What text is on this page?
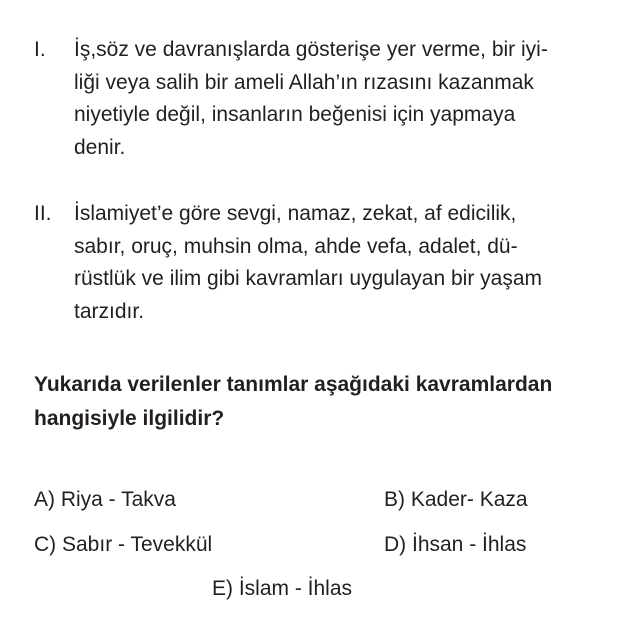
I.	İş,söz ve davranışlarda gösterişe yer verme, bir iyi-
liği veya salih bir ameli Allah’ın rızasını kazanmak
niyetiyle değil, insanların beğenisi için yapmaya
denir.
II.	İslamiyet’e göre sevgi, namaz, zekat, af edicilik,
sabır, oruç, muhsin olma, ahde vefa, adalet, dü-
rüstlük ve ilim gibi kavramları uygulayan bir yaşam
tarzıdır.
Yukarıda verilenler tanımlar aşağıdaki kavramlardan
hangisiyle ilgilidir?
A) Riya - Takva	B) Kader- Kaza
C) Sabır - Tevekkül	D) İhsan - İhlas
E) İslam - İhlas
